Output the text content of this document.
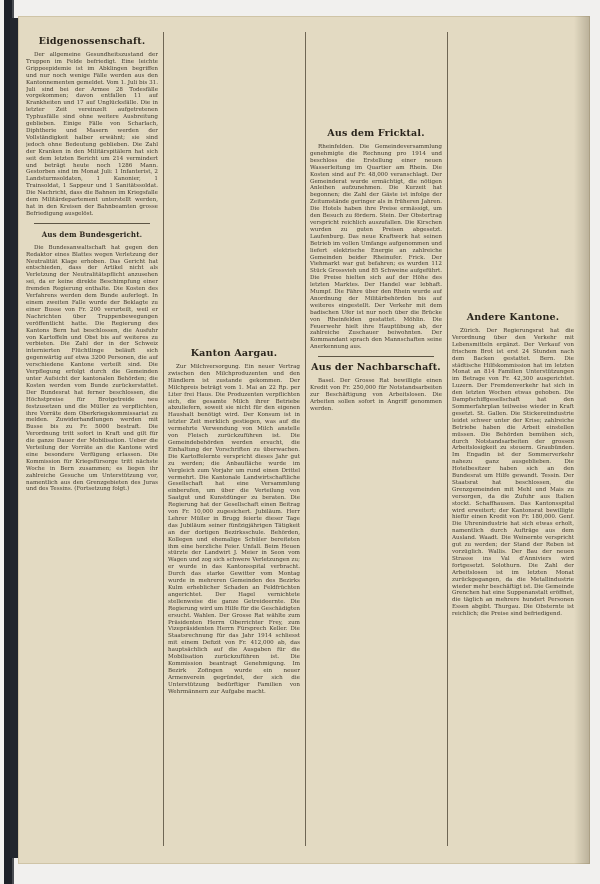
Eidgenossenschaft.

Der allgemeine Gesundheitszustand der Truppen im Felde befriedigt. Eine leichte Grippeepidemie ist im Abklingen begriffen und nur noch wenige Fälle werden aus den Kantonnementen gemeldet. Vom 1. Juli bis 31. Juli sind bei der Armee 28 Todesfälle vorgekommen; davon entfallen 11 auf Krankheiten und 17 auf Unglücksfälle. Die in letzter Zeit vereinzelt aufgetretenen Typhusfälle sind ohne weitere Ausbreitung geblieben. Einige Fälle von Scharlach, Diphtherie und Masern werden der Vollständigkeit halber erwähnt; sie sind jedoch ohne Bedeutung geblieben. Die Zahl der Kranken in den Militärspitälern hat sich seit dem letzten Bericht um 214 vermindert und beträgt heute noch 1286 Mann. Gestorben sind im Monat Juli: 1 Infanterist, 2 Landsturmsoldaten, 1 Kanonier, 1 Trainsoldat, 1 Sappeur und 1 Sanitätssoldat. Die Nachricht, dass die Bahnen im Kriegsfalle dem Militärdepartement unterstellt werden, hat in den Kreisen der Bahnbeamten grosse Befriedigung ausgelöst.

Aus dem Bundesgericht.

Die Bundesanwaltschaft hat gegen den Redaktor eines Blattes wegen Verletzung der Neutralität Klage erhoben. Das Gericht hat entschieden, dass der Artikel nicht als Verletzung der Neutralitätspflicht anzusehen sei, da er keine direkte Beschimpfung einer fremden Regierung enthalte. Die Kosten des Verfahrens werden dem Bunde auferlegt. In einem zweiten Falle wurde der Beklagte zu einer Busse von Fr. 200 verurteilt, weil er Nachrichten über Truppenbewegungen veröffentlicht hatte. Die Regierung des Kantons Bern hat beschlossen, die Ausfuhr von Kartoffeln und Obst bis auf weiteres zu verbieten. Die Zahl der in der Schweiz internierten Flüchtlinge beläuft sich gegenwärtig auf etwa 3200 Personen, die auf verschiedene Kantone verteilt sind. Die Verpflegung erfolgt durch die Gemeinden unter Aufsicht der kantonalen Behörden; die Kosten werden vom Bunde zurückerstattet. Der Bundesrat hat ferner beschlossen, die Höchstpreise für Brotgetreide neu festzusetzen und die Müller zu verpflichten, ihre Vorräte dem Oberkriegskommissariat zu melden. Zuwiderhandlungen werden mit Busse bis zu Fr. 5000 bestraft. Die Verordnung tritt sofort in Kraft und gilt für die ganze Dauer der Mobilisation. Ueber die Verteilung der Vorräte an die Kantone wird eine besondere Verfügung erlassen. Die Kommission für Kriegsfürsorge tritt nächste Woche in Bern zusammen; es liegen ihr zahlreiche Gesuche um Unterstützung vor, namentlich aus den Grenzgebieten des Juras und des Tessins. (Fortsetzung folgt.)

Kanton Aargau.

Zur Milchversorgung. Ein neuer Vertrag zwischen den Milchproduzenten und den Händlern ist zustande gekommen. Der Milchpreis beträgt vom 1. Mai an 22 Rp. per Liter frei Haus. Die Produzenten verpflichten sich, die gesamte Milch ihrer Betriebe abzuliefern, soweit sie nicht für den eigenen Haushalt benötigt wird. Der Konsum ist in letzter Zeit merklich gestiegen, was auf die vermehrte Verwendung von Milch anstelle von Fleisch zurückzuführen ist. Die Gemeindebehörden werden ersucht, die Einhaltung der Vorschriften zu überwachen. Die Kartoffelernte verspricht dieses Jahr gut zu werden; die Anbaufläche wurde im Vergleich zum Vorjahr um rund einen Drittel vermehrt. Die Kantonale Landwirtschaftliche Gesellschaft hat eine Versammlung einberufen, um über die Verteilung von Saatgut und Kunstdünger zu beraten. Die Regierung hat der Gesellschaft einen Beitrag von Fr. 10,000 zugesichert. Jubiläum. Herr Lehrer Müller in Brugg feierte dieser Tage das Jubiläum seiner fünfzigjährigen Tätigkeit an der dortigen Bezirksschule. Behörden, Kollegen und ehemalige Schüler bereiteten ihm eine herzliche Feier. Unfall. Beim Heuen stürzte der Landwirt J. Meier in Seon vom Wagen und zog sich schwere Verletzungen zu; er wurde in das Kantonsspital verbracht. Durch das starke Gewitter vom Montag wurde in mehreren Gemeinden des Bezirks Kulm erheblicher Schaden an Feldfrüchten angerichtet. Der Hagel vernichtete stellenweise die ganze Getreideernte. Die Regierung wird um Hilfe für die Geschädigten ersucht. Wahlen. Der Grosse Rat wählte zum Präsidenten Herrn Oberrichter Frey, zum Vizepräsidenten Herrn Fürsprech Keller. Die Staatsrechnung für das Jahr 1914 schliesst mit einem Defizit von Fr. 412,000 ab, das hauptsächlich auf die Ausgaben für die Mobilisation zurückzuführen ist. Die Kommission beantragt Genehmigung. Im Bezirk Zofingen wurde ein neuer Armenverein gegründet, der sich die Unterstützung bedürftiger Familien von Wehrmännern zur Aufgabe macht.

Aus dem Fricktal.

Rheinfelden. Die Gemeindeversammlung genehmigte die Rechnung pro 1914 und beschloss die Erstellung einer neuen Wasserleitung im Quartier am Rhein. Die Kosten sind auf Fr. 48,000 veranschlagt. Der Gemeinderat wurde ermächtigt, die nötigen Anleihen aufzunehmen. Die Kurzeit hat begonnen; die Zahl der Gäste ist infolge der Zeitumstände geringer als in früheren Jahren. Die Hotels haben ihre Preise ermässigt, um den Besuch zu fördern. Stein. Der Obstertrag verspricht reichlich auszufallen. Die Kirschen wurden zu guten Preisen abgesetzt. Laufenburg. Das neue Kraftwerk hat seinen Betrieb im vollen Umfange aufgenommen und liefert elektrische Energie an zahlreiche Gemeinden beider Rheinufer. Frick. Der Viehmarkt war gut befahren; es wurden 112 Stück Grossvieh und 85 Schweine aufgeführt. Die Preise hielten sich auf der Höhe des letzten Marktes. Der Handel war lebhaft. Mumpf. Die Fähre über den Rhein wurde auf Anordnung der Militärbehörden bis auf weiteres eingestellt. Der Verkehr mit dem badischen Ufer ist nur noch über die Brücke von Rheinfelden gestattet. Möhlin. Die Feuerwehr hielt ihre Hauptübung ab, der zahlreiche Zuschauer beiwohnten. Der Kommandant sprach den Mannschaften seine Anerkennung aus.

Aus der Nachbarschaft.

Basel. Der Grosse Rat bewilligte einen Kredit von Fr. 250,000 für Notstandsarbeiten zur Beschäftigung von Arbeitslosen. Die Arbeiten sollen sofort in Angriff genommen werden.

Andere Kantone.

Zürich. Der Regierungsrat hat die Verordnung über den Verkehr mit Lebensmitteln ergänzt. Der Verkauf von frischem Brot ist erst 24 Stunden nach dem Backen gestattet. Bern. Die städtische Hilfskommission hat im letzten Monat an 814 Familien Unterstützungen im Betrage von Fr. 42,300 ausgerichtet. Luzern. Der Fremdenverkehr hat sich in den letzten Wochen etwas gehoben. Die Dampfschiffgesellschaft hat den Sommerfahrplan teilweise wieder in Kraft gesetzt. St. Gallen. Die Stickereiindustrie leidet schwer unter der Krise; zahlreiche Betriebe haben die Arbeit einstellen müssen. Die Behörden bemühen sich, durch Notstandsarbeiten der grossen Arbeitslosigkeit zu steuern. Graubünden. Im Engadin ist der Sommerverkehr nahezu ganz ausgeblieben. Die Hotelbesitzer haben sich an den Bundesrat um Hilfe gewandt. Tessin. Der Staatsrat hat beschlossen, die Grenzgemeinden mit Mehl und Mais zu versorgen, da die Zufuhr aus Italien stockt. Schaffhausen. Das Kantonsspital wird erweitert; der Kantonsrat bewilligte hiefür einen Kredit von Fr. 180,000. Genf. Die Uhrenindustrie hat sich etwas erholt, namentlich durch Aufträge aus dem Ausland. Waadt. Die Weinernte verspricht gut zu werden; der Stand der Reben ist vorzüglich. Wallis. Der Bau der neuen Strasse ins Val d'Anniviers wird fortgesetzt. Solothurn. Die Zahl der Arbeitslosen ist im letzten Monat zurückgegangen, da die Metallindustrie wieder mehr beschäftigt ist. Die Gemeinde Grenchen hat eine Suppenanstalt eröffnet, die täglich an mehrere hundert Personen Essen abgibt. Thurgau. Die Obsternte ist reichlich; die Preise sind befriedigend.
